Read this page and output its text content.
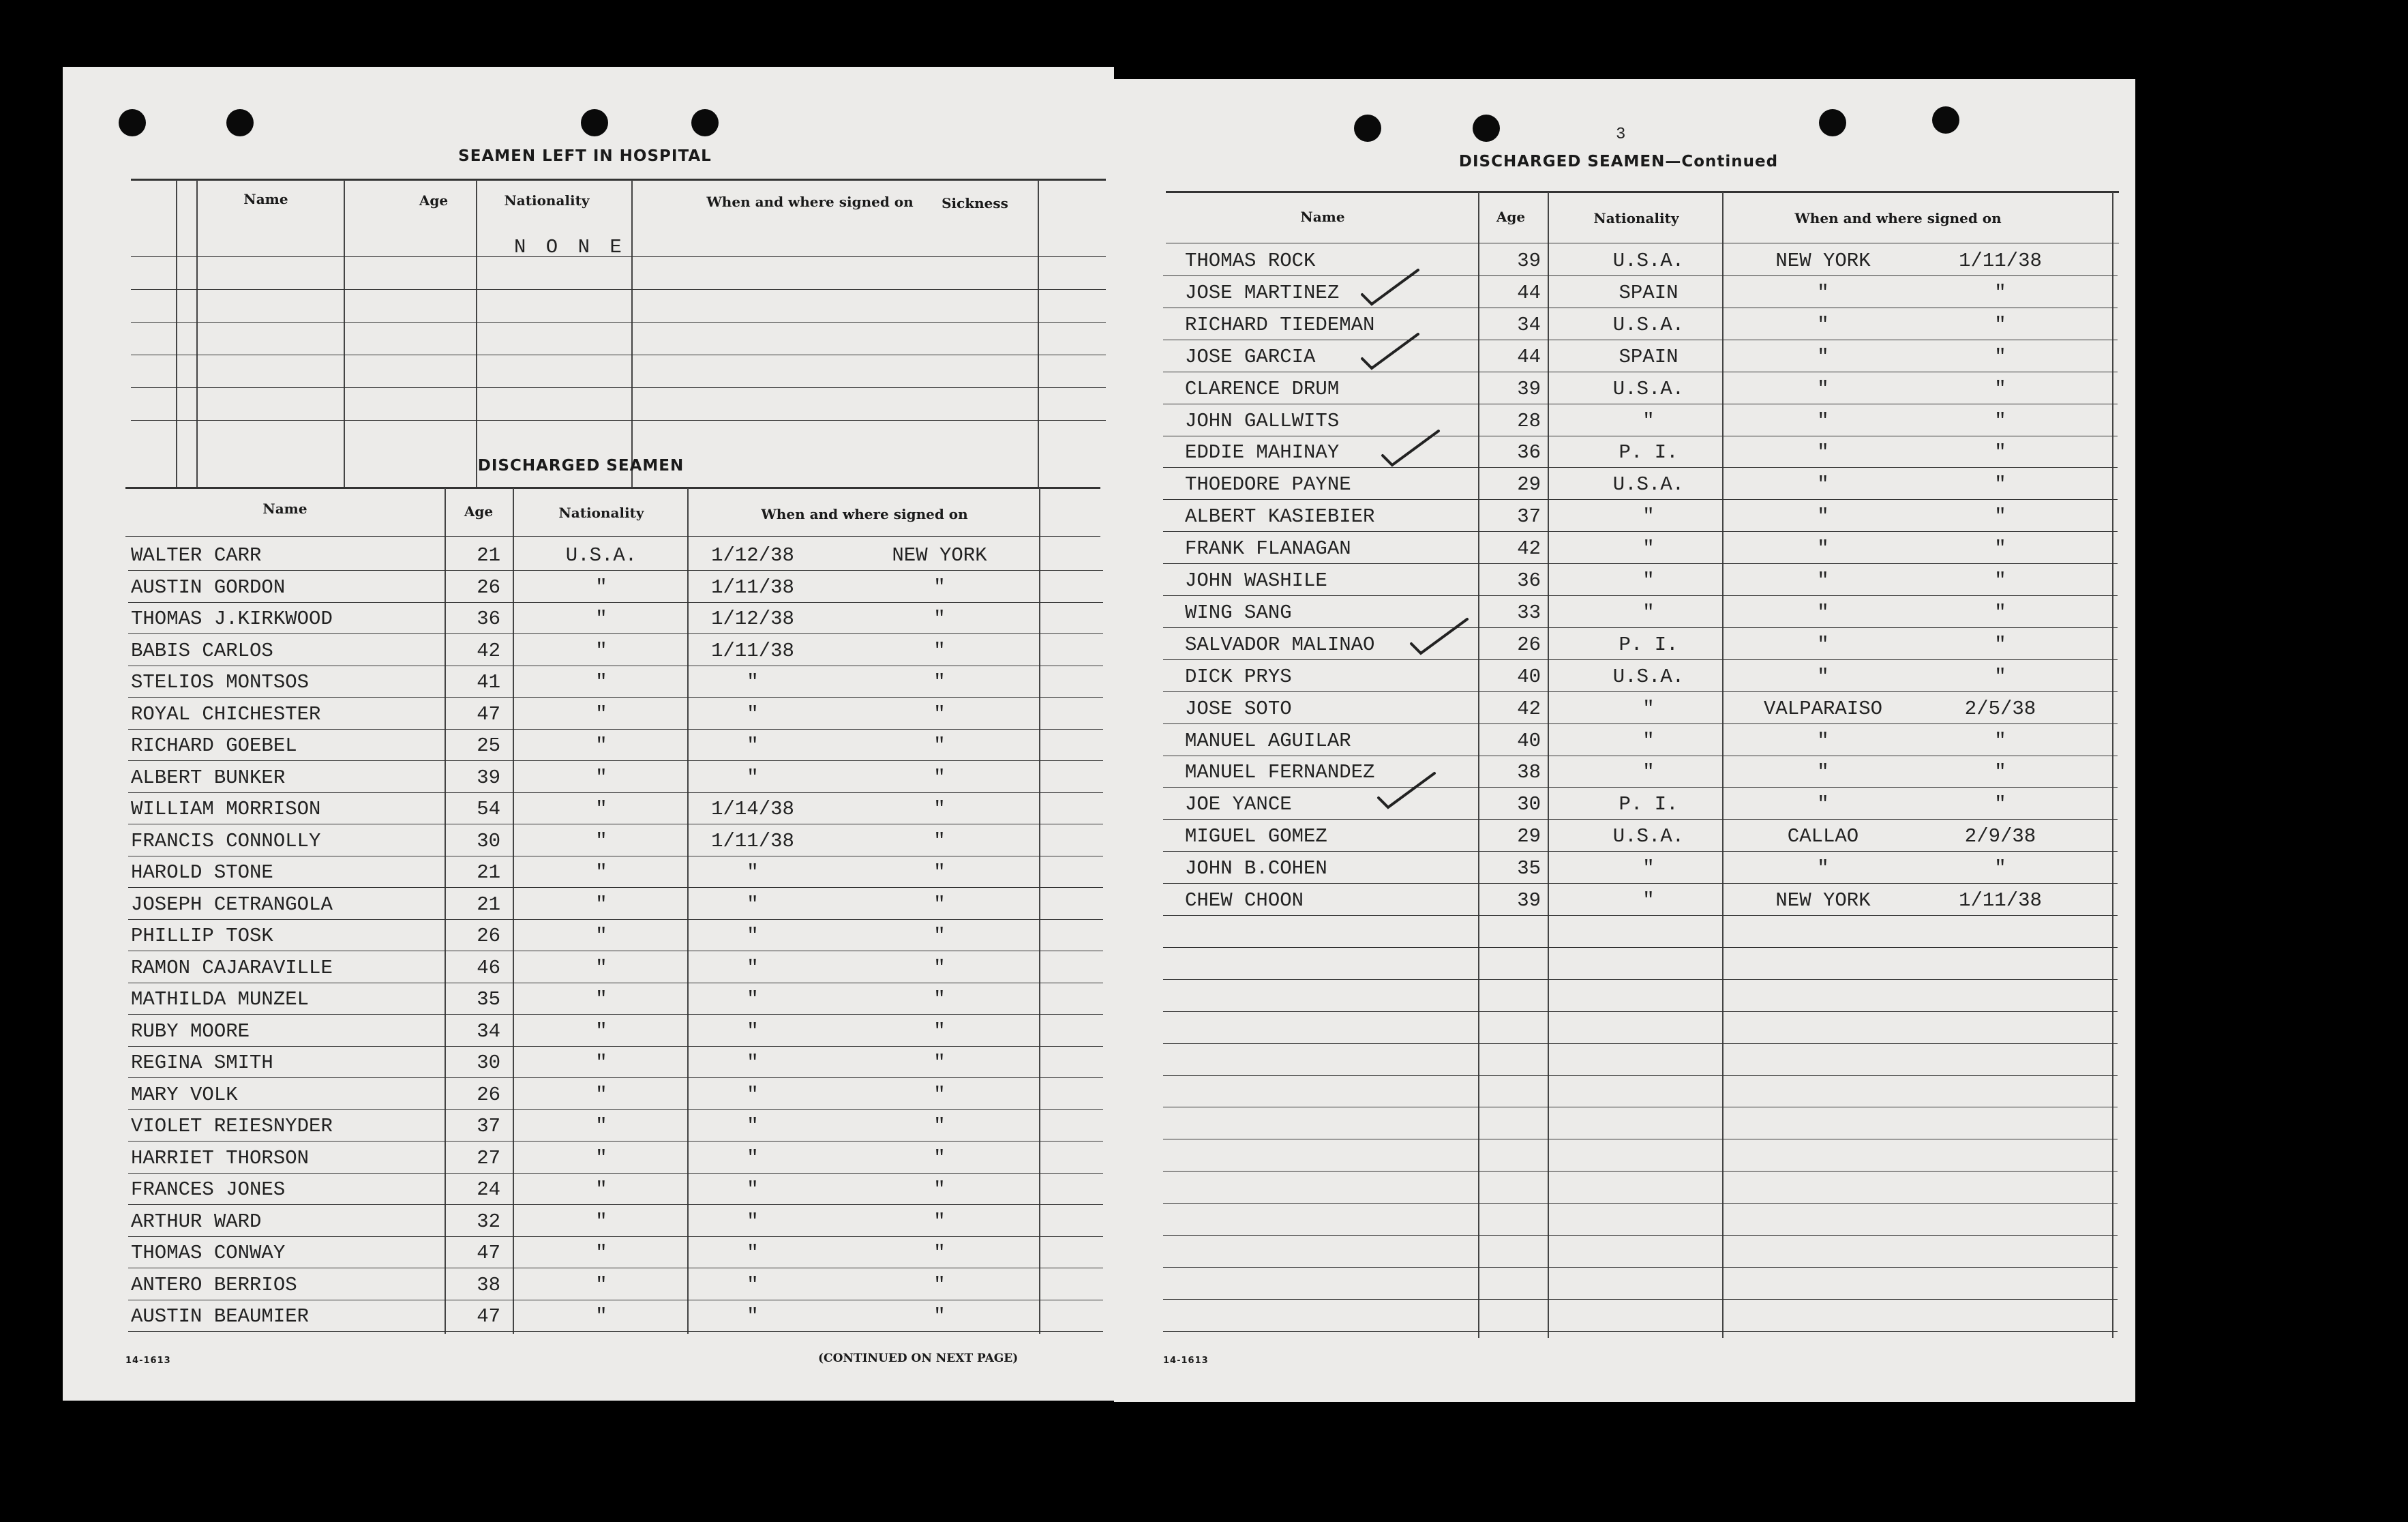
SEAMEN LEFT IN HOSPITAL
Name	Age	Nationality	When and where signed on Sickness
N O N E
DISCHARGED SEAMEN
Name	Age	Nationality	When and where signed on
WALTER CARR	21	U.S.A.	1/12/38	NEW YORK
AUSTIN GORDON	26	"	1/11/38	"
THOMAS J.KIRKWOOD	36	"	1/12/38	"
BABIS CARLOS	42	"	1/11/38	"
STELIOS MONTSOS	41	"	"	"
ROYAL CHICHESTER	47	"	"	"
RICHARD GOEBEL	25	"	"	"
ALBERT BUNKER	39	"	"	"
WILLIAM MORRISON	54	"	1/14/38	"
FRANCIS CONNOLLY	30	"	1/11/38	"
HAROLD STONE	21	"	"	"
JOSEPH CETRANGOLA	21	"	"	"
PHILLIP TOSK	26	"	"	"
RAMON CAJARAVILLE	46	"	"	"
MATHILDA MUNZEL	35	"	"	"
RUBY MOORE	34	"	"	"
REGINA SMITH	30	"	"	"
MARY VOLK	26	"	"	"
VIOLET REIESNYDER	37	"	"	"
HARRIET THORSON	27	"	"	"
FRANCES JONES	24	"	"	"
ARTHUR WARD	32	"	"	"
THOMAS CONWAY	47	"	"	"
ANTERO BERRIOS	38	"	"	"
AUSTIN BEAUMIER	47	"	"	"
14-1613	(CONTINUED ON NEXT PAGE)
3
DISCHARGED SEAMEN—Continued
Name	Age	Nationality	When and where signed on
THOMAS ROCK	39	U.S.A.	NEW YORK	1/11/38
JOSE MARTINEZ	44	SPAIN	"	"
RICHARD TIEDEMAN	34	U.S.A.	"	"
JOSE GARCIA	44	SPAIN	"	"
CLARENCE DRUM	39	U.S.A.	"	"
JOHN GALLWITS	28	"	"	"
EDDIE MAHINAY	36	P. I.	"	"
THOEDORE PAYNE	29	U.S.A.	"	"
ALBERT KASIEBIER	37	"	"	"
FRANK FLANAGAN	42	"	"	"
JOHN WASHILE	36	"	"	"
WING SANG	33	"	"	"
SALVADOR MALINAO	26	P. I.	"	"
DICK PRYS	40	U.S.A.	"	"
JOSE SOTO	42	"	VALPARAISO	2/5/38
MANUEL AGUILAR	40	"	"	"
MANUEL FERNANDEZ	38	"	"	"
JOE YANCE	30	P. I.	"	"
MIGUEL GOMEZ	29	U.S.A.	CALLAO	2/9/38
JOHN B.COHEN	35	"	"	"
CHEW CHOON	39	"	NEW YORK	1/11/38
14-1613
